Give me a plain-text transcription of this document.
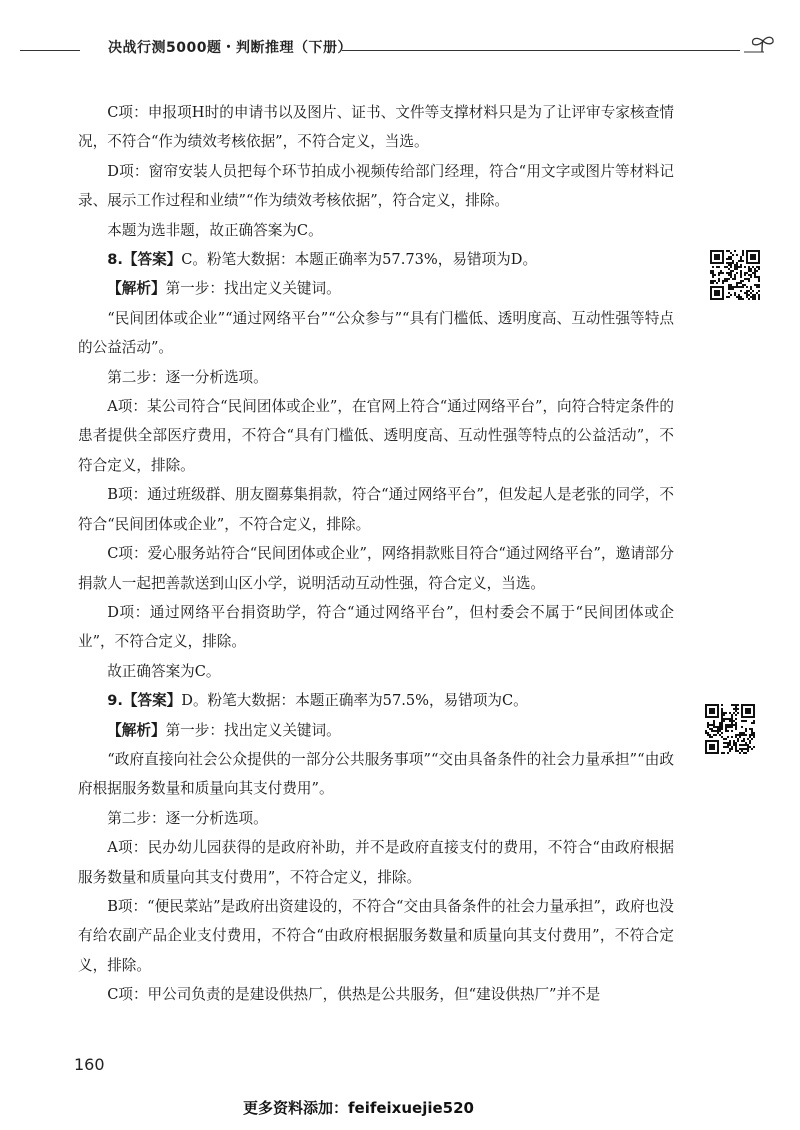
决战行测5000题・判断推理（下册）

C项：申报项H时的申请书以及图片、证书、文件等支撑材料只是为了让评审专家核查情况，不符合“作为绩效考核依据”，不符合定义，当选。

D项：窗帘安装人员把每个环节拍成小视频传给部门经理，符合“用文字或图片等材料记录、展示工作过程和业绩”“作为绩效考核依据”，符合定义，排除。

本题为选非题，故正确答案为C。

8.【答案】C。粉笔大数据：本题正确率为57.73%，易错项为D。

【解析】第一步：找出定义关键词。

“民间团体或企业”“通过网络平台”“公众参与”“具有门槛低、透明度高、互动性强等特点的公益活动”。

第二步：逐一分析选项。

A项：某公司符合“民间团体或企业”，在官网上符合“通过网络平台”，向符合特定条件的患者提供全部医疗费用，不符合“具有门槛低、透明度高、互动性强等特点的公益活动”，不符合定义，排除。

B项：通过班级群、朋友圈募集捐款，符合“通过网络平台”，但发起人是老张的同学，不符合“民间团体或企业”，不符合定义，排除。

C项：爱心服务站符合“民间团体或企业”，网络捐款账目符合“通过网络平台”，邀请部分捐款人一起把善款送到山区小学，说明活动互动性强，符合定义，当选。

D项：通过网络平台捐资助学，符合“通过网络平台”，但村委会不属于“民间团体或企业”，不符合定义，排除。

故正确答案为C。

9.【答案】D。粉笔大数据：本题正确率为57.5%，易错项为C。

【解析】第一步：找出定义关键词。

“政府直接向社会公众提供的一部分公共服务事项”“交由具备条件的社会力量承担”“由政府根据服务数量和质量向其支付费用”。

第二步：逐一分析选项。

A项：民办幼儿园获得的是政府补助，并不是政府直接支付的费用，不符合“由政府根据服务数量和质量向其支付费用”，不符合定义，排除。

B项：“便民菜站”是政府出资建设的，不符合“交由具备条件的社会力量承担”，政府也没有给农副产品企业支付费用，不符合“由政府根据服务数量和质量向其支付费用”，不符合定义，排除。

C项：甲公司负责的是建设供热厂，供热是公共服务，但“建设供热厂”并不是

160
更多资料添加：feifeixuejie520
